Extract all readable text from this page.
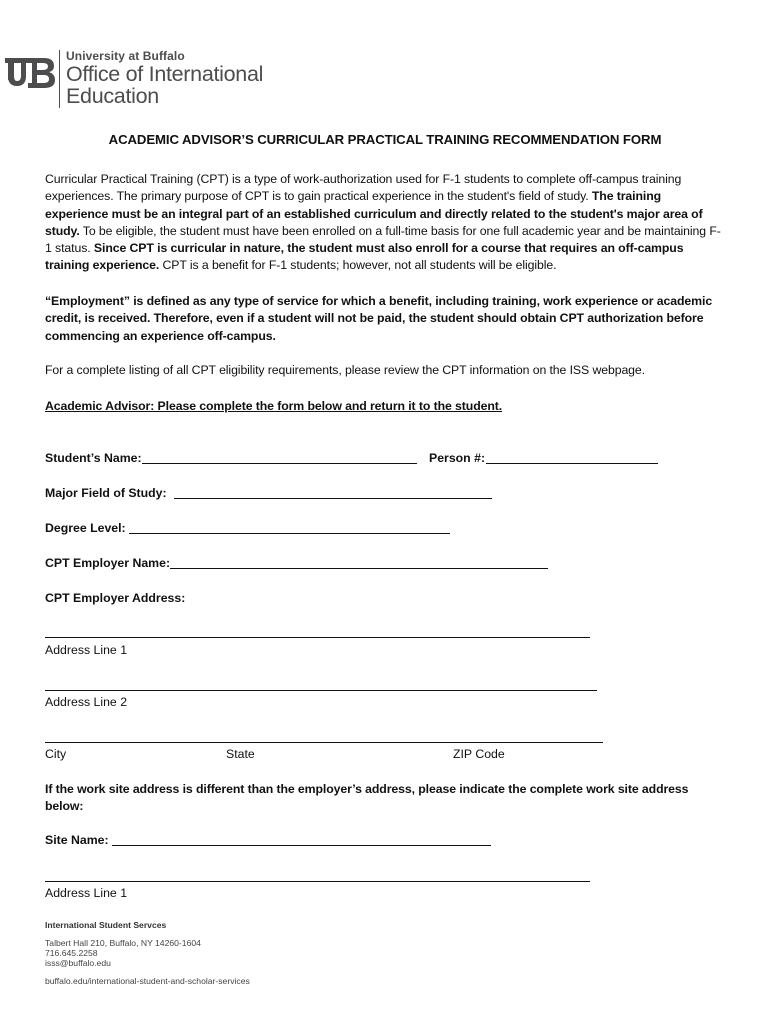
University at Buffalo
Office of International
Education
ACADEMIC ADVISOR’S CURRICULAR PRACTICAL TRAINING RECOMMENDATION FORM
Curricular Practical Training (CPT) is a type of work-authorization used for F-1 students to complete off-campus training experiences. The primary purpose of CPT is to gain practical experience in the student's field of study. The training experience must be an integral part of an established curriculum and directly related to the student's major area of study. To be eligible, the student must have been enrolled on a full-time basis for one full academic year and be maintaining F-1 status. Since CPT is curricular in nature, the student must also enroll for a course that requires an off-campus training experience. CPT is a benefit for F-1 students; however, not all students will be eligible.
“Employment” is defined as any type of service for which a benefit, including training, work experience or academic credit, is received. Therefore, even if a student will not be paid, the student should obtain CPT authorization before commencing an experience off-campus.
For a complete listing of all CPT eligibility requirements, please review the CPT information on the ISS webpage.
Academic Advisor: Please complete the form below and return it to the student.
Student’s Name:	Person #:
Major Field of Study:
Degree Level:
CPT Employer Name:
CPT Employer Address:
Address Line 1
Address Line 2
City	State	ZIP Code
If the work site address is different than the employer’s address, please indicate the complete work site address below:
Site Name:
Address Line 1
International Student Servces
Talbert Hall 210, Buffalo, NY 14260-1604
716.645.2258
isss@buffalo.edu
buffalo.edu/international-student-and-scholar-services
